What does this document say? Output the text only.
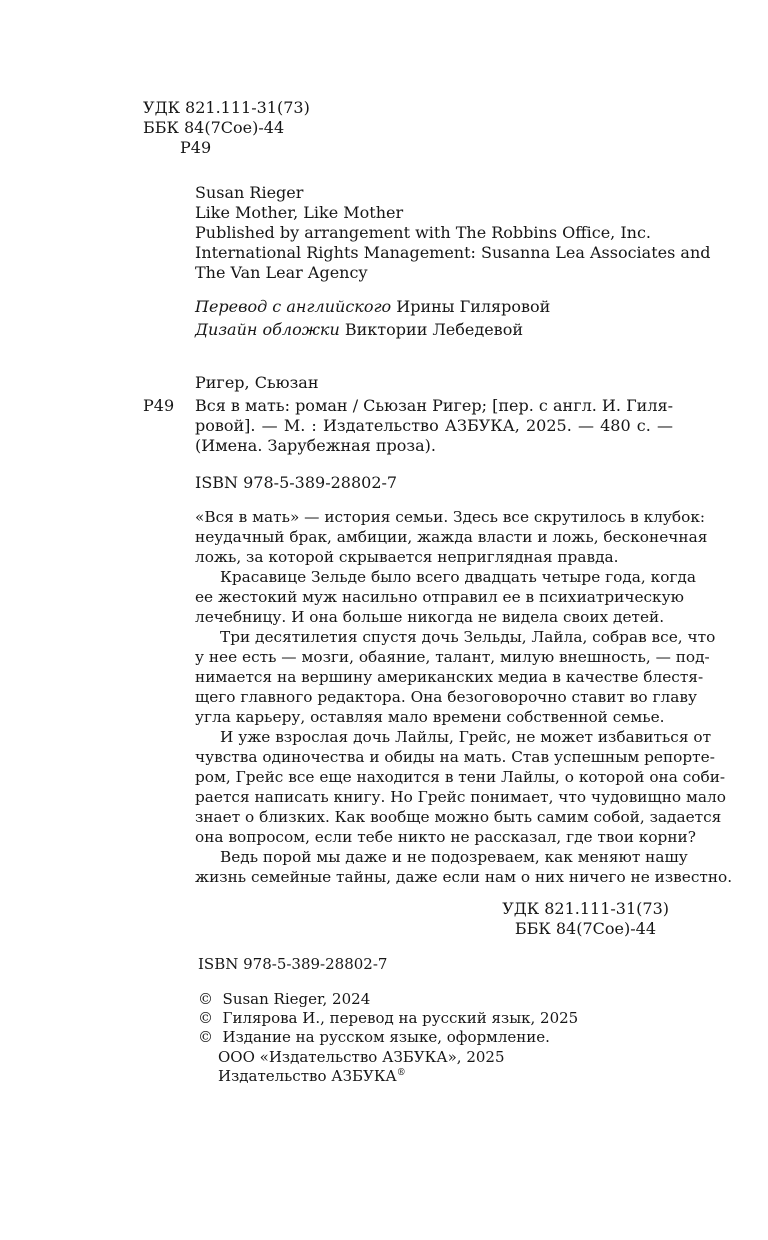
УДК 821.111-31(73)
ББК 84(7Сое)-44
Р49
Susan Rieger
Like Mother, Like Mother
Published by arrangement with The Robbins Office, Inc.
International Rights Management: Susanna Lea Associates and
The Van Lear Agency
Перевод с английского Ирины Гиляровой
Дизайн обложки Виктории Лебедевой
Ригер, Сьюзан
Р49 Вся в мать: роман / Сьюзан Ригер; [пер. с англ. И. Гиля-
ровой]. — М. : Издательство АЗБУКА, 2025. — 480 с. —
(Имена. Зарубежная проза).
ISBN 978-5-389-28802-7
«Вся в мать» — история семьи. Здесь все скрутилось в клубок:
неудачный брак, амбиции, жажда власти и ложь, бесконечная
ложь, за которой скрывается неприглядная правда.
Красавице Зельде было всего двадцать четыре года, когда
ее жестокий муж насильно отправил ее в психиатрическую
лечебницу. И она больше никогда не видела своих детей.
Три десятилетия спустя дочь Зельды, Лайла, собрав все, что
у нее есть — мозги, обаяние, талант, милую внешность, — под-
нимается на вершину американских медиа в качестве блестя-
щего главного редактора. Она безоговорочно ставит во главу
угла карьеру, оставляя мало времени собственной семье.
И уже взрослая дочь Лайлы, Грейс, не может избавиться от
чувства одиночества и обиды на мать. Став успешным репорте-
ром, Грейс все еще находится в тени Лайлы, о которой она соби-
рается написать книгу. Но Грейс понимает, что чудовищно мало
знает о близких. Как вообще можно быть самим собой, задается
она вопросом, если тебе никто не рассказал, где твои корни?
Ведь порой мы даже и не подозреваем, как меняют нашу
жизнь семейные тайны, даже если нам о них ничего не известно.
УДК 821.111-31(73)
ББК 84(7Сое)-44
ISBN 978-5-389-28802-7
© Susan Rieger, 2024
© Гилярова И., перевод на русский язык, 2025
© Издание на русском языке, оформление.
ООО «Издательство АЗБУКА», 2025
Издательство АЗБУКА®
